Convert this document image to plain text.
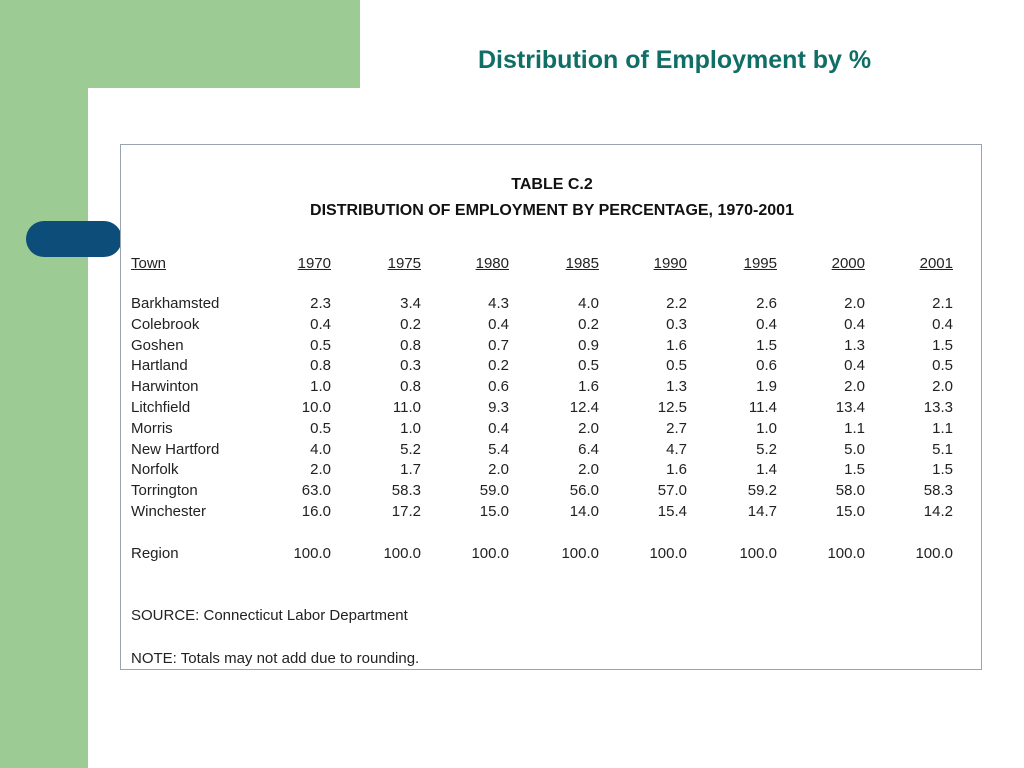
Distribution of Employment by %
TABLE C.2
DISTRIBUTION OF EMPLOYMENT BY PERCENTAGE, 1970-2001
SOURCE: Connecticut Labor Department
NOTE: Totals may not add due to rounding.
Town	1970	1975	1980	1985	1990	1995	2000	2001
Barkhamsted	2.3	3.4	4.3	4.0	2.2	2.6	2.0	2.1
Colebrook	0.4	0.2	0.4	0.2	0.3	0.4	0.4	0.4
Goshen	0.5	0.8	0.7	0.9	1.6	1.5	1.3	1.5
Hartland	0.8	0.3	0.2	0.5	0.5	0.6	0.4	0.5
Harwinton	1.0	0.8	0.6	1.6	1.3	1.9	2.0	2.0
Litchfield	10.0	11.0	9.3	12.4	12.5	11.4	13.4	13.3
Morris	0.5	1.0	0.4	2.0	2.7	1.0	1.1	1.1
New Hartford	4.0	5.2	5.4	6.4	4.7	5.2	5.0	5.1
Norfolk	2.0	1.7	2.0	2.0	1.6	1.4	1.5	1.5
Torrington	63.0	58.3	59.0	56.0	57.0	59.2	58.0	58.3
Winchester	16.0	17.2	15.0	14.0	15.4	14.7	15.0	14.2
Region	100.0	100.0	100.0	100.0	100.0	100.0	100.0	100.0
